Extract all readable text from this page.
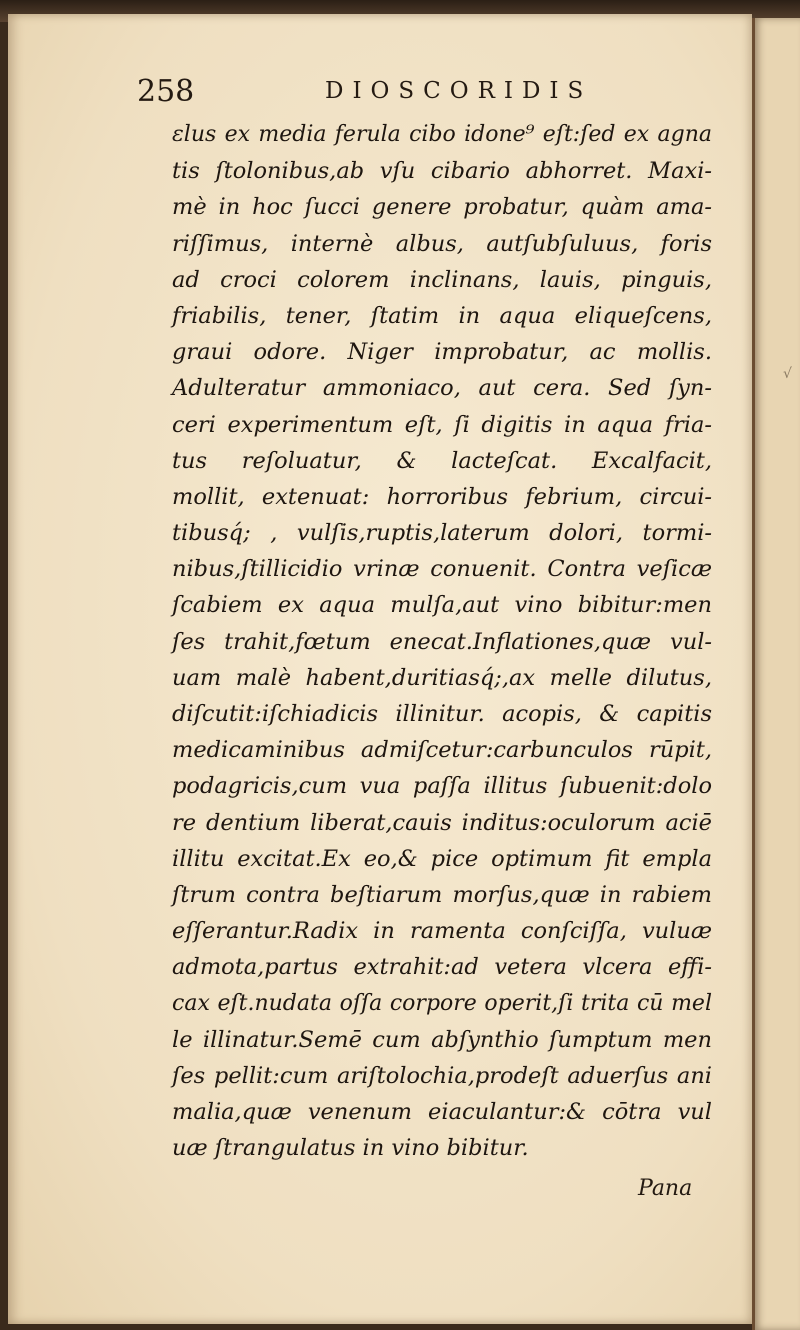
258	DIOSCORIDIS
ɛlus ex media ferula cibo idone⁹ eſt:ſed ex agna
tis ſtolonibus,ab vſu cibario abhorret. Maxi-
mè in hoc ſucci genere probatur, quàm ama-
riſſimus, internè albus, autſubſuluus, foris
ad croci colorem inclinans, lauis, pinguis,
friabilis, tener, ſtatim in aqua eliqueſcens,
graui odore. Niger improbatur, ac mollis.
Adulteratur ammoniaco, aut cera. Sed ſyn-
ceri experimentum eſt, ſi digitis in aqua fria-
tus reſoluatur, & lacteſcat. Excalfacit,
mollit, extenuat: horroribus febrium, circui-
tibusq́; , vulſis,ruptis,laterum dolori, tormi-
nibus,ſtillicidio vrinæ conuenit. Contra veſicæ
ſcabiem ex aqua mulſa,aut vino bibitur:men
ſes trahit,fœtum enecat.Inflationes,quæ vul-
uam malè habent,duritiasq́;,ax melle dilutus,
diſcutit:iſchiadicis illinitur. acopis, & capitis
medicaminibus admiſcetur:carbunculos rūpit,
podagricis,cum vua paſſa illitus ſubuenit:dolo
re dentium liberat,cauis inditus:oculorum aciē
illitu excitat.Ex eo,& pice optimum fit empla
ſtrum contra beſtiarum morſus,quæ in rabiem
eſſerantur.Radix in ramenta conſciſſa, vuluæ
admota,partus extrahit:ad vetera vlcera effi-
cax eſt.nudata oſſa corpore operit,ſi trita cū mel
le illinatur.Semē cum abſynthio ſumptum men
ſes pellit:cum ariſtolochia,prodeſt aduerſus ani
malia,quæ venenum eiaculantur:& cōtra vul
uæ ſtrangulatus in vino bibitur.
Pana
√
